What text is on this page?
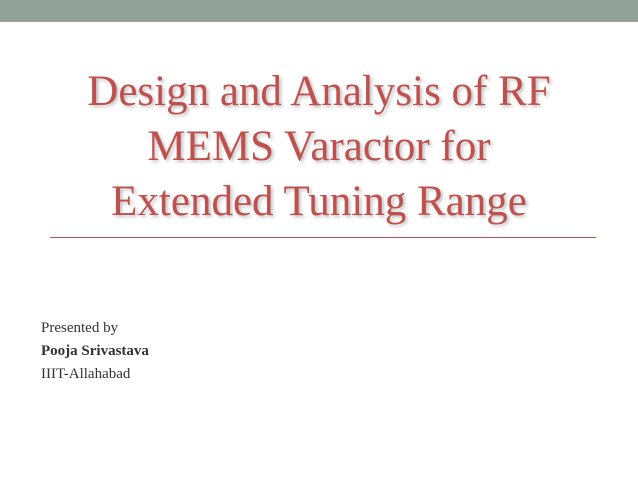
Design and Analysis of RF
MEMS Varactor for
Extended Tuning Range
Presented by
Pooja Srivastava
IIIT-Allahabad
